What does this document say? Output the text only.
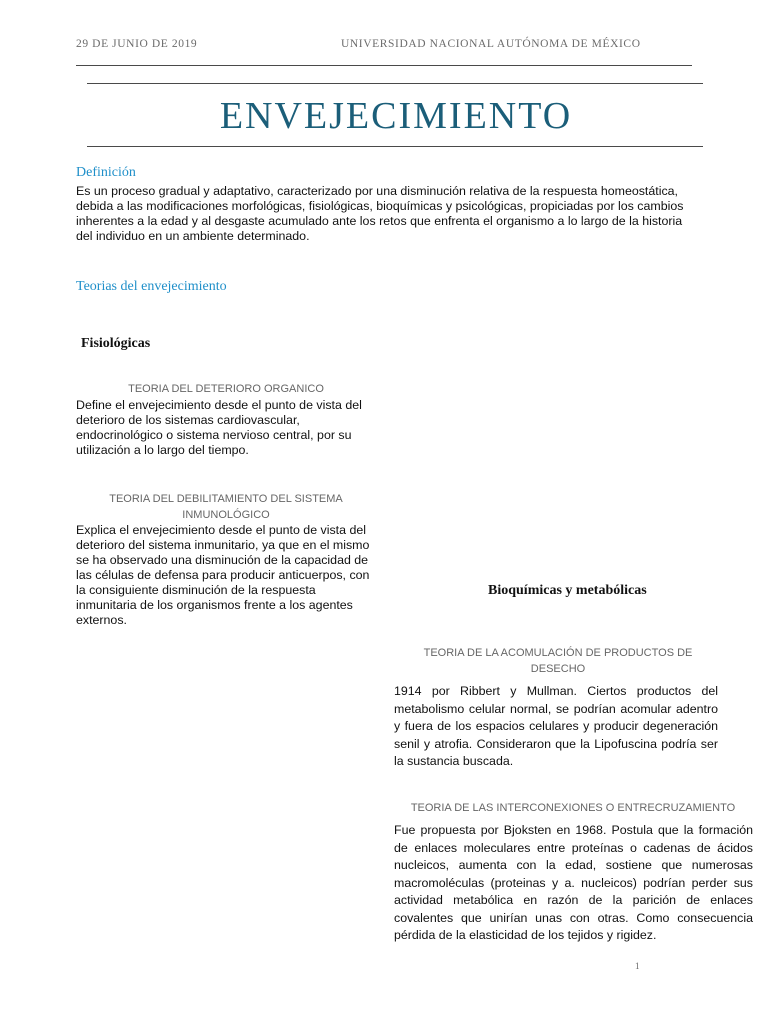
29 DE JUNIO DE 2019	UNIVERSIDAD NACIONAL AUTÓNOMA DE MÉXICO
ENVEJECIMIENTO
Definición
Es un proceso gradual y adaptativo, caracterizado por una disminución relativa de la respuesta homeostática, debida a las modificaciones morfológicas, fisiológicas, bioquímicas y psicológicas, propiciadas por los cambios inherentes a la edad y al desgaste acumulado ante los retos que enfrenta el organismo a lo largo de la historia del individuo en un ambiente determinado.
Teorias del envejecimiento
Fisiológicas
TEORIA DEL DETERIORO ORGANICO
Define el envejecimiento desde el punto de vista del deterioro de los sistemas cardiovascular, endocrinológico o sistema nervioso central, por su utilización a lo largo del tiempo.
TEORIA DEL DEBILITAMIENTO DEL SISTEMA INMUNOLÓGICO
Explica el envejecimiento desde el punto de vista del deterioro del sistema inmunitario, ya que en el mismo se ha observado una disminución de la capacidad de las células de defensa para producir anticuerpos, con la consiguiente disminución de la respuesta inmunitaria de los organismos frente a los agentes externos.
Bioquímicas y metabólicas
TEORIA DE LA ACOMULACIÓN DE PRODUCTOS DE DESECHO
1914 por Ribbert y Mullman. Ciertos productos del metabolismo celular normal, se podrían acomular adentro y fuera de los espacios celulares y producir degeneración senil y atrofia. Consideraron que la Lipofuscina podría ser la sustancia buscada.
TEORIA DE LAS INTERCONEXIONES O ENTRECRUZAMIENTO
Fue propuesta por Bjoksten en 1968. Postula que la formación de enlaces moleculares entre proteínas o cadenas de ácidos nucleicos, aumenta con la edad, sostiene que numerosas macromoléculas (proteinas y a. nucleicos) podrían perder sus actividad metabólica en razón de la parición de enlaces covalentes que unirían unas con otras. Como consecuencia pérdida de la elasticidad de los tejidos y rigidez.
1
